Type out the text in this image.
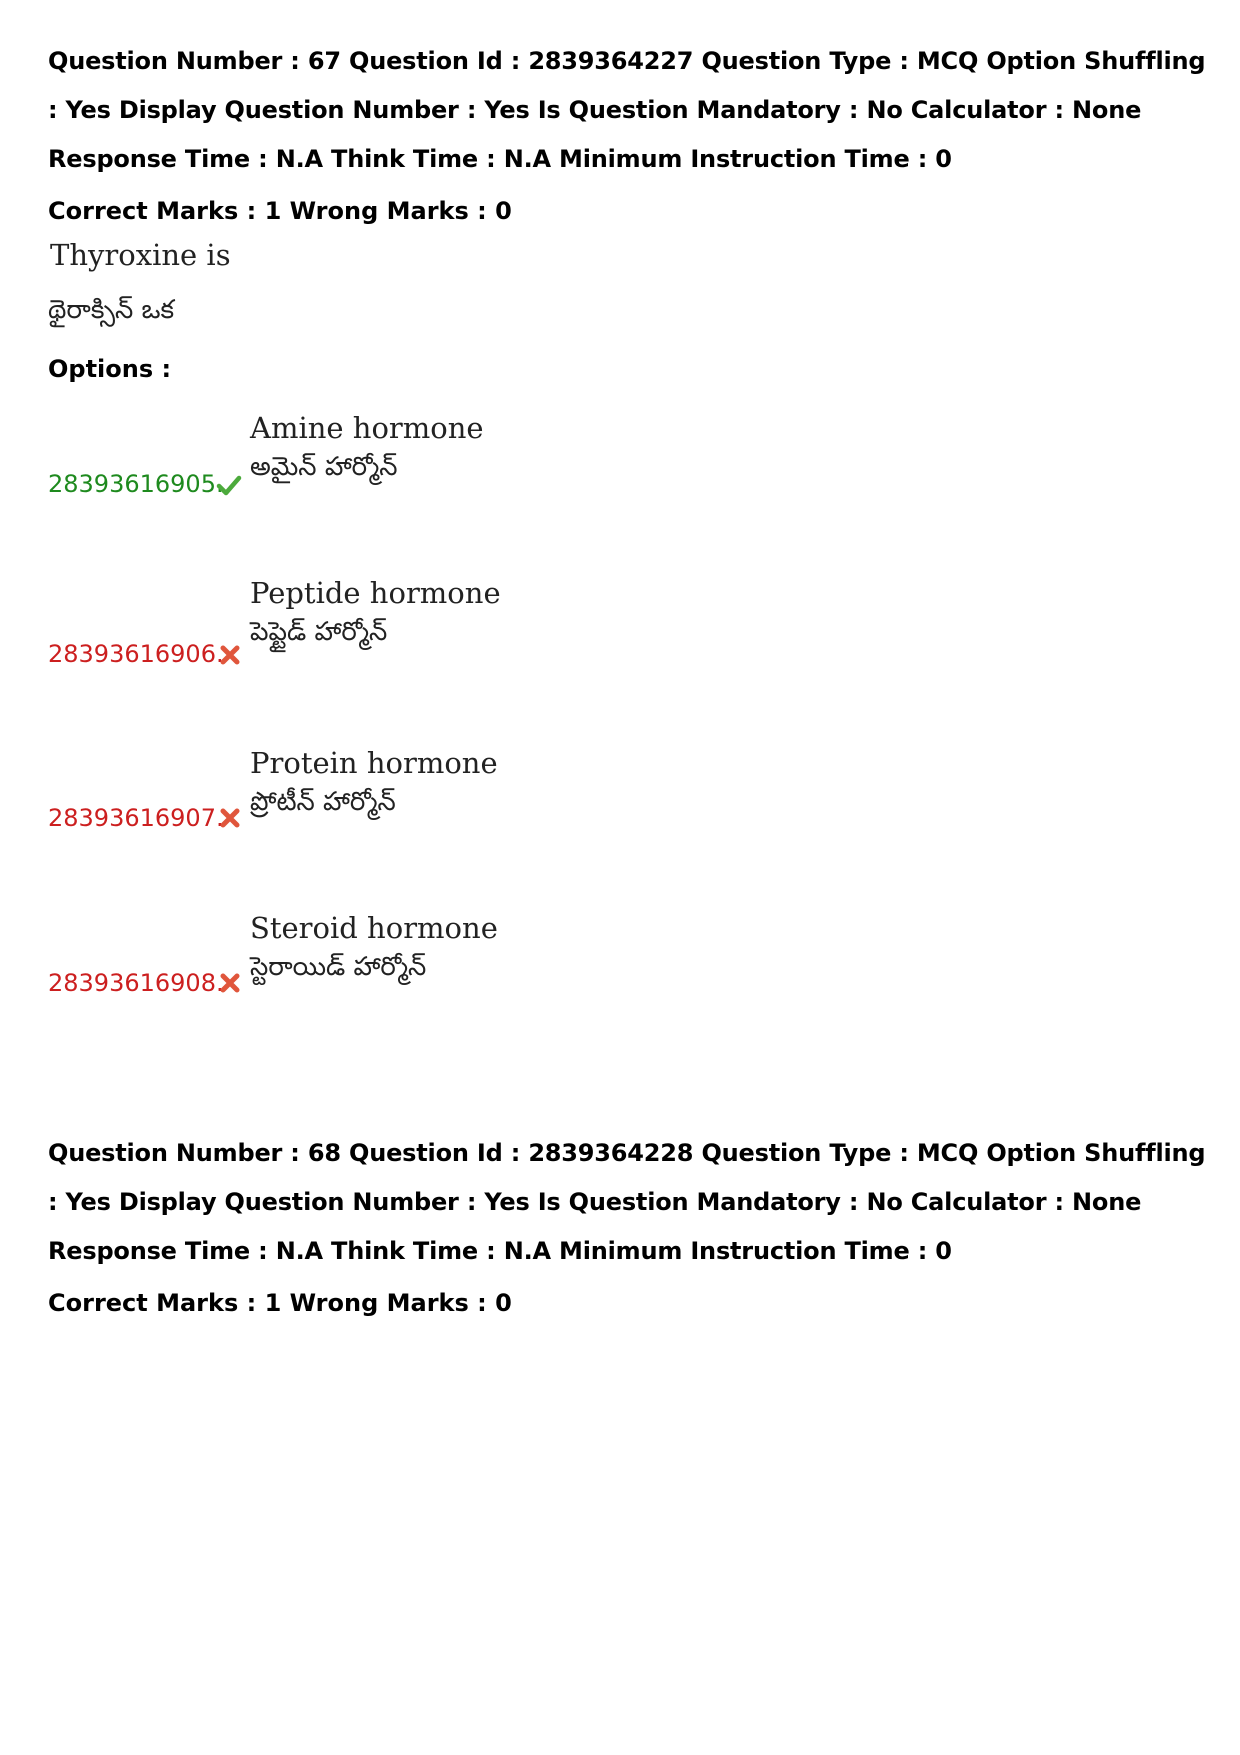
Question Number : 67 Question Id : 2839364227 Question Type : MCQ Option Shuffling : Yes Display Question Number : Yes Is Question Mandatory : No Calculator : None Response Time : N.A Think Time : N.A Minimum Instruction Time : 0
Correct Marks : 1 Wrong Marks : 0
Thyroxine is
థైరాక్సిన్ ఒక
Options :
28393616905.
Amine hormone
అమైన్ హార్మోన్
28393616906.
Peptide hormone
పెప్టైడ్ హార్మోన్
28393616907.
Protein hormone
ప్రోటీన్ హార్మోన్
28393616908.
Steroid hormone
స్టెరాయిడ్ హార్మోన్
Question Number : 68 Question Id : 2839364228 Question Type : MCQ Option Shuffling : Yes Display Question Number : Yes Is Question Mandatory : No Calculator : None Response Time : N.A Think Time : N.A Minimum Instruction Time : 0
Correct Marks : 1 Wrong Marks : 0
